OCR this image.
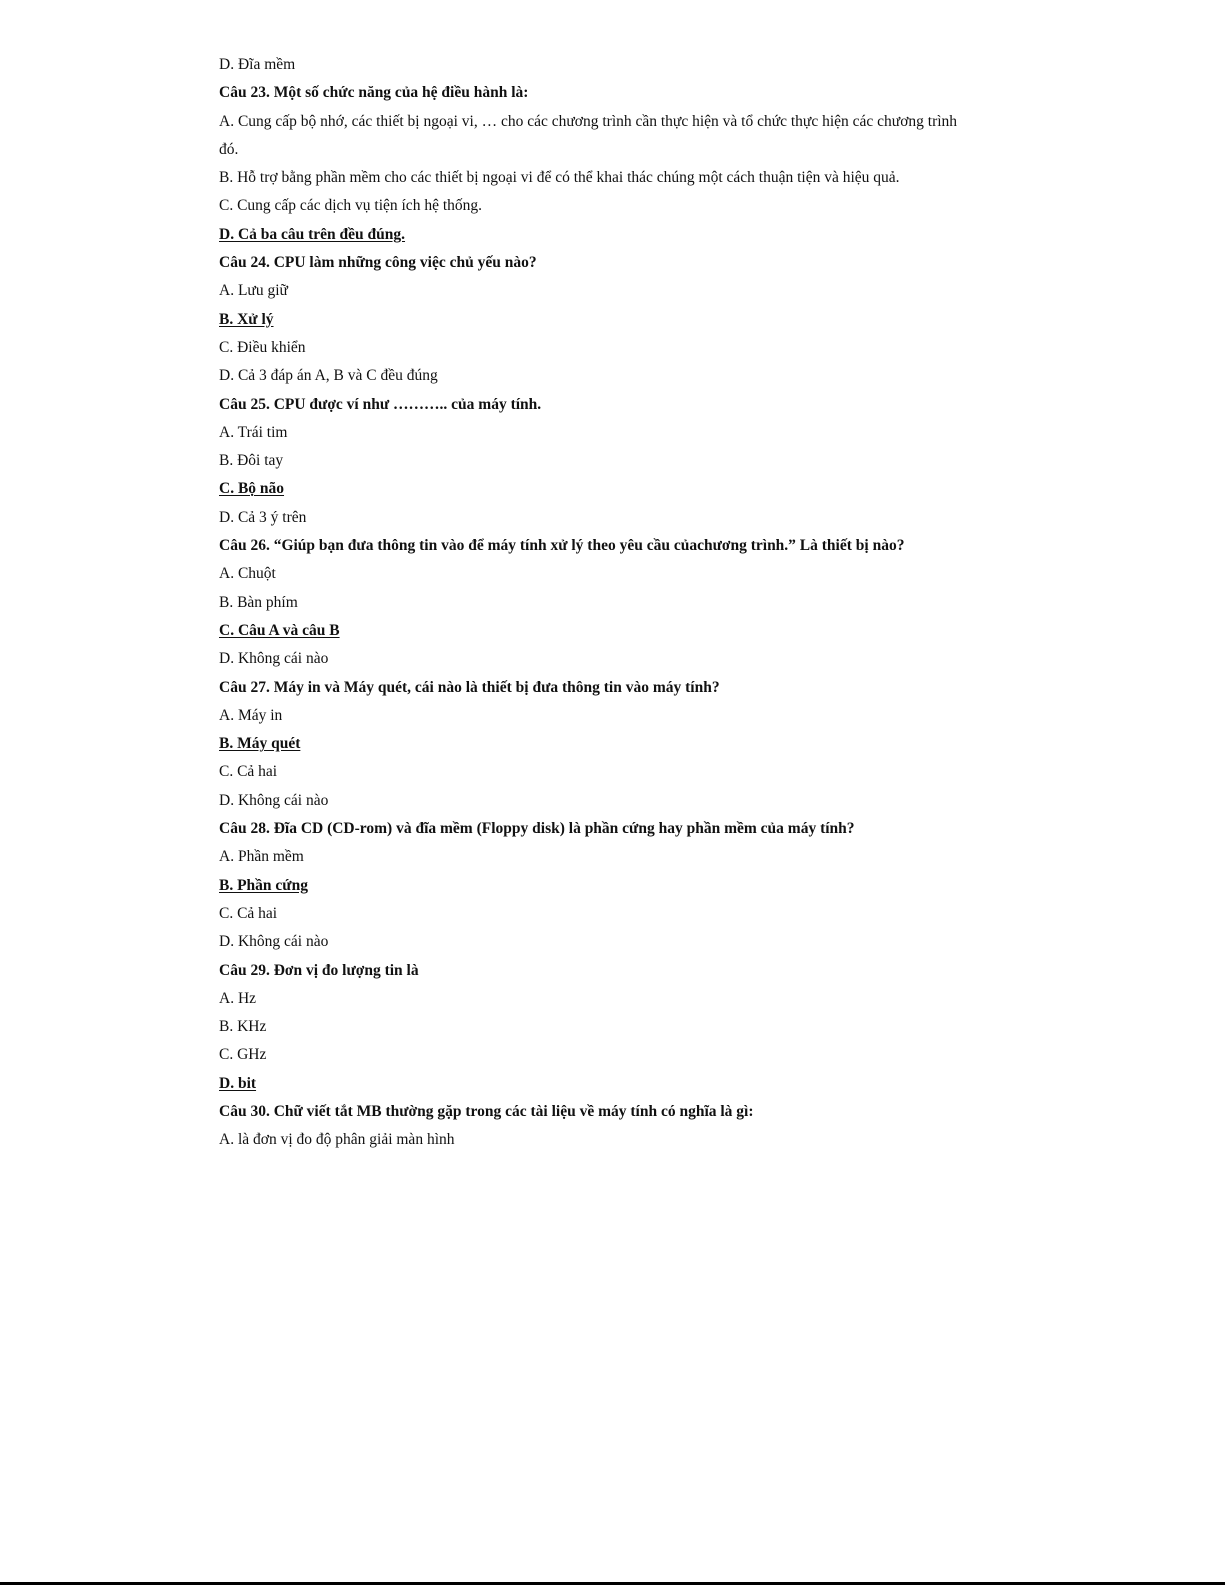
D. Đĩa mềm
Câu 23. Một số chức năng của hệ điều hành là:
A. Cung cấp bộ nhớ, các thiết bị ngoại vi, … cho các chương trình cần thực hiện và tổ chức thực hiện các chương trình đó.
B. Hỗ trợ bằng phần mềm cho các thiết bị ngoại vi để có thể khai thác chúng một cách thuận tiện và hiệu quả.
C. Cung cấp các dịch vụ tiện ích hệ thống.
D. Cả ba câu trên đều đúng.
Câu 24. CPU làm những công việc chủ yếu nào?
A. Lưu giữ
B. Xử lý
C. Điều khiển
D. Cả 3 đáp án A, B và C đều đúng
Câu 25. CPU được ví như ……….. của máy tính.
A. Trái tim
B. Đôi tay
C. Bộ não
D. Cả 3 ý trên
Câu 26. “Giúp bạn đưa thông tin vào để máy tính xử lý theo yêu cầu củachương trình.” Là thiết bị nào?
A. Chuột
B. Bàn phím
C. Câu A và câu B
D. Không cái nào
Câu 27. Máy in và Máy quét, cái nào là thiết bị đưa thông tin vào máy tính?
A. Máy in
B. Máy quét
C. Cả hai
D. Không cái nào
Câu 28. Đĩa CD (CD-rom) và đĩa mềm (Floppy disk) là phần cứng hay phần mềm của máy tính?
A. Phần mềm
B. Phần cứng
C. Cả hai
D. Không cái nào
Câu 29. Đơn vị đo lượng tin là
A. Hz
B. KHz
C. GHz
D. bit
Câu 30. Chữ viết tắt MB thường gặp trong các tài liệu về máy tính có nghĩa là gì:
A. là đơn vị đo độ phân giải màn hình
